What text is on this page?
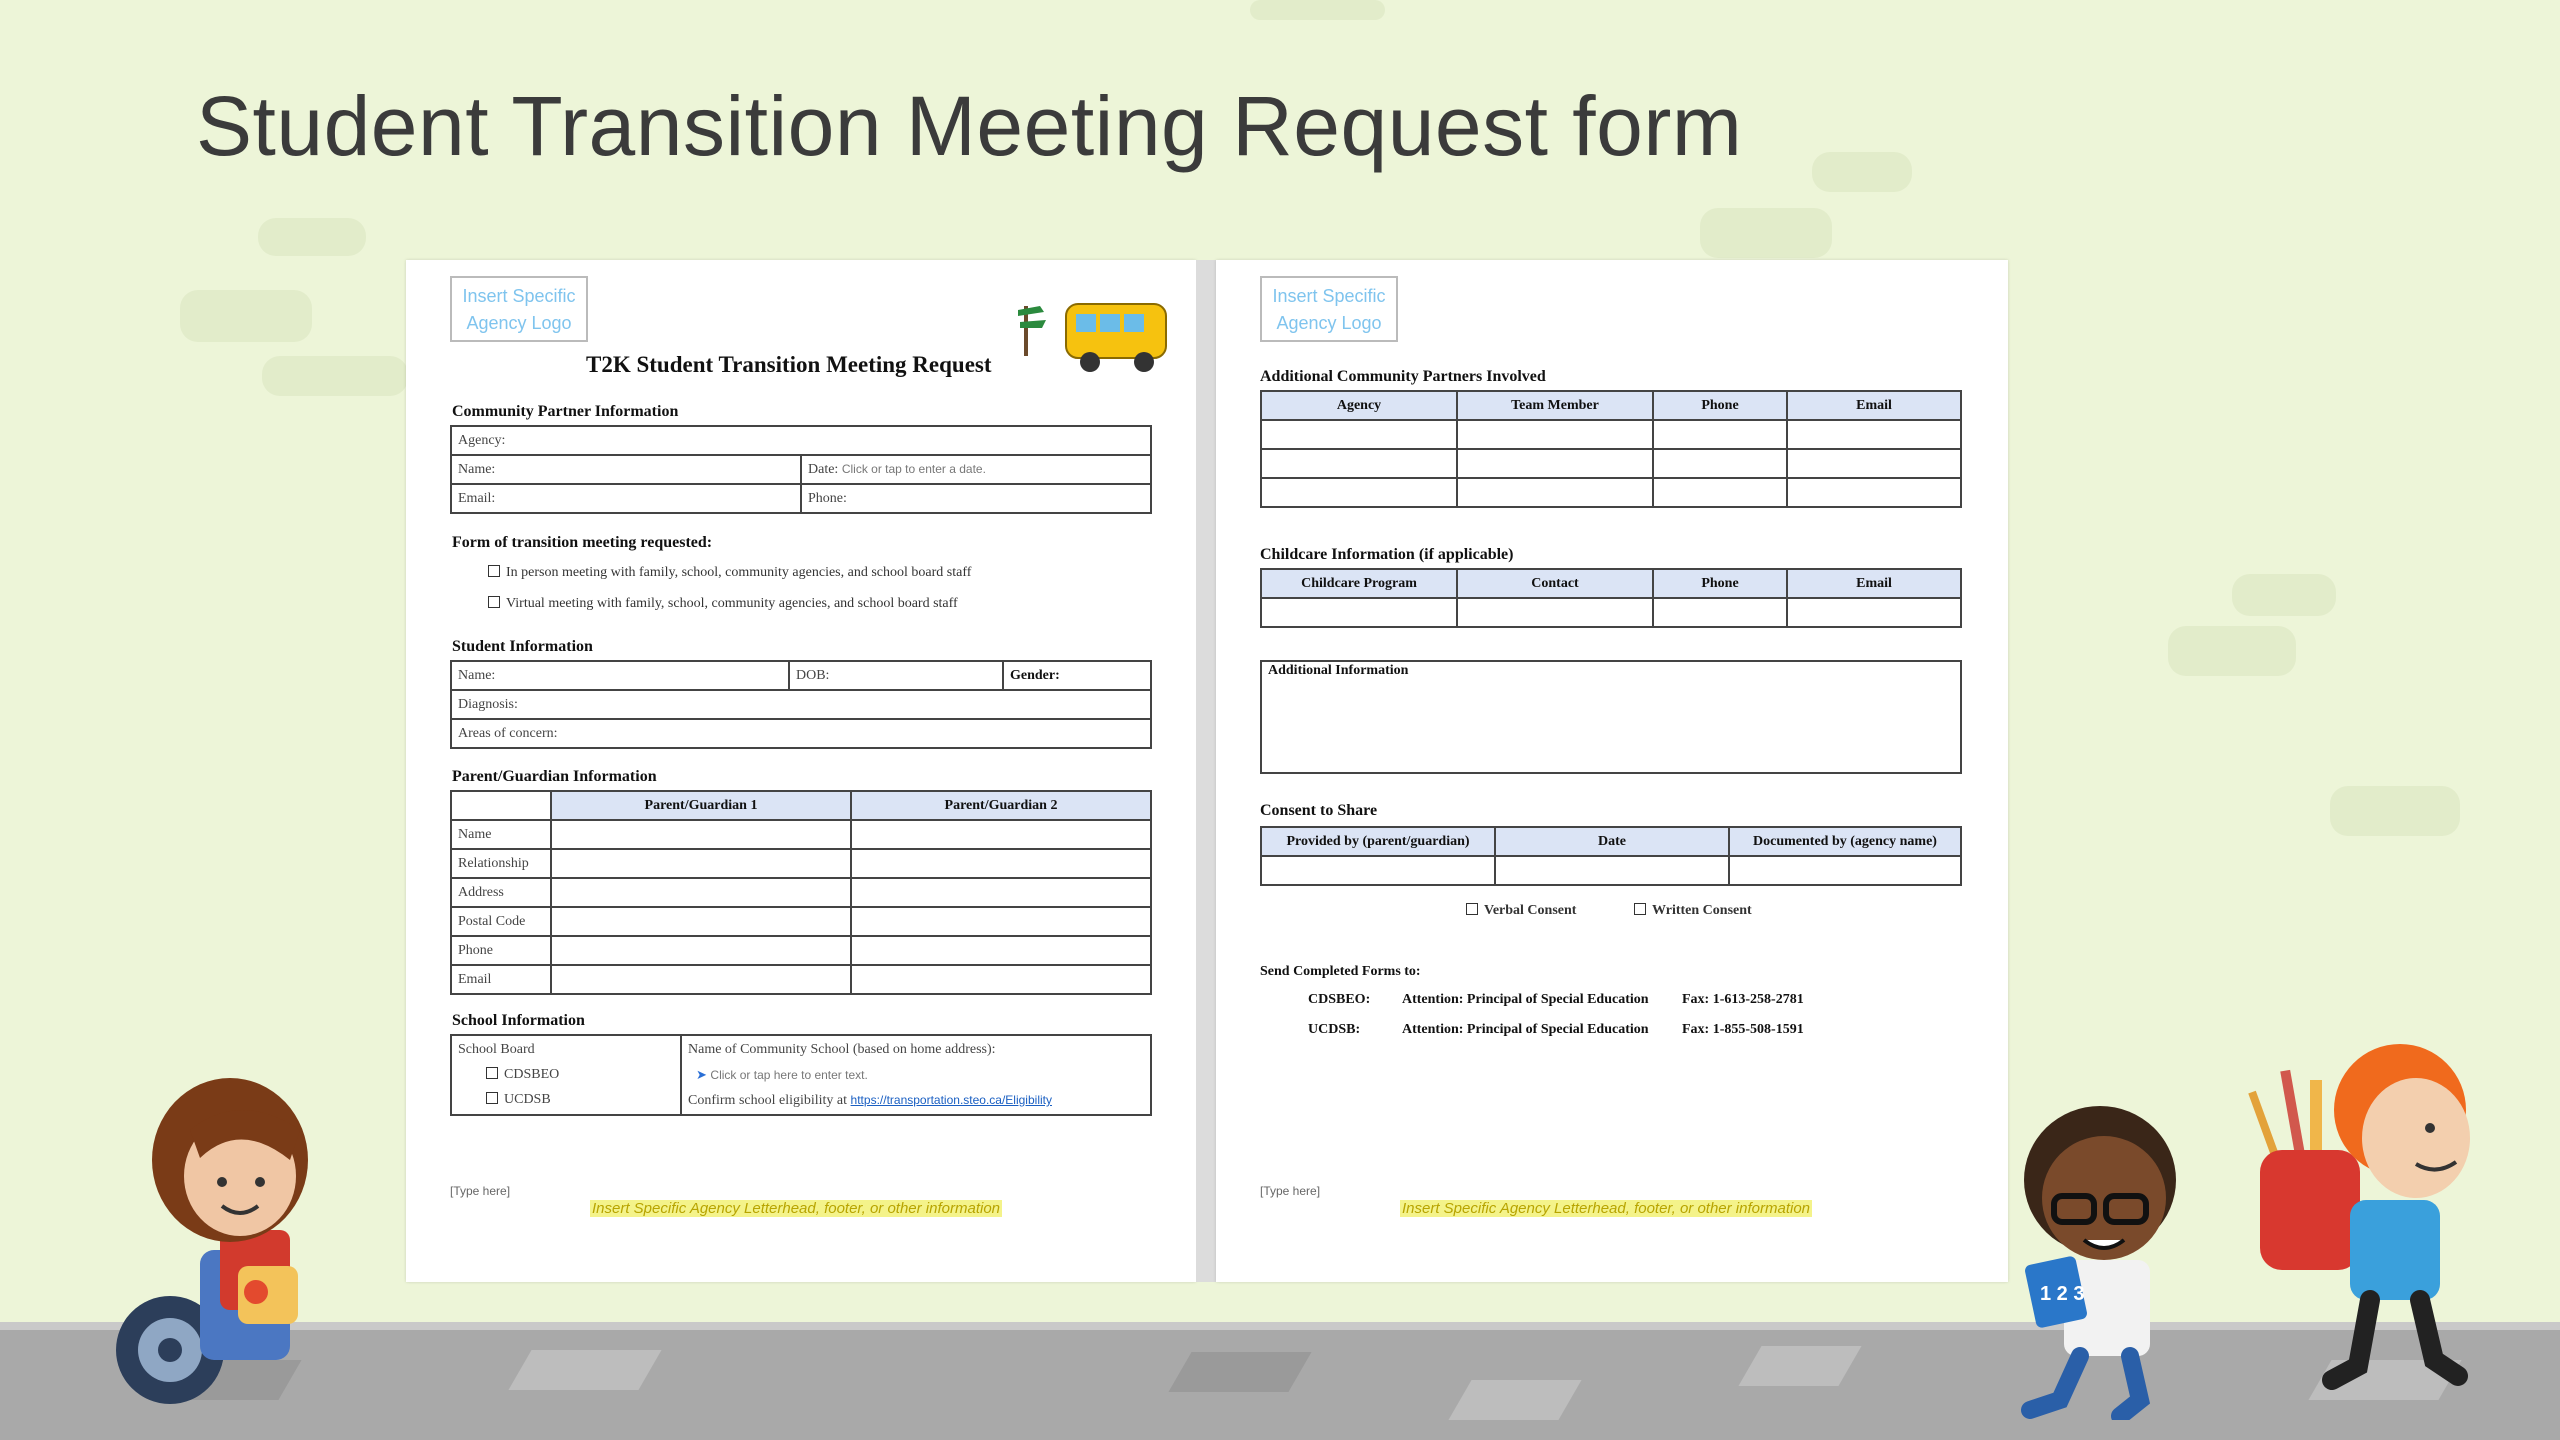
Student Transition Meeting Request form
Insert Specific Agency Logo
T2K Student Transition Meeting Request
Community Partner Information
Agency:	
Name:	Date: Click or tap to enter a date.
Email:	Phone:
Form of transition meeting requested:
In person meeting with family, school, community agencies, and school board staff
Virtual meeting with family, school, community agencies, and school board staff
Student Information
Name:	DOB:	Gender:
Diagnosis:
Areas of concern:
Parent/Guardian Information
	Parent/Guardian 1	Parent/Guardian 2
Name		
Relationship		
Address		
Postal Code		
Phone		
Email		
School Information
School Board
CDSBEO
UCDSB

Name of Community School (based on home address):
➤ Click or tap here to enter text.
Confirm school eligibility at https://transportation.steo.ca/Eligibility
[Type here]
Insert Specific Agency Letterhead, footer, or other information
Insert Specific Agency Logo
Additional Community Partners Involved
Agency	Team Member	Phone	Email

Childcare Information (if applicable)
Childcare Program	Contact	Phone	Email

Additional Information
Consent to Share
Provided by (parent/guardian)	Date	Documented by (agency name)

Verbal Consent	Written Consent
Send Completed Forms to:
CDSBEO: Attention: Principal of Special Education Fax: 1-613-258-2781
UCDSB:	Attention: Principal of Special Education Fax: 1-855-508-1591
[Type here]
Insert Specific Agency Letterhead, footer, or other information
1 2 3
